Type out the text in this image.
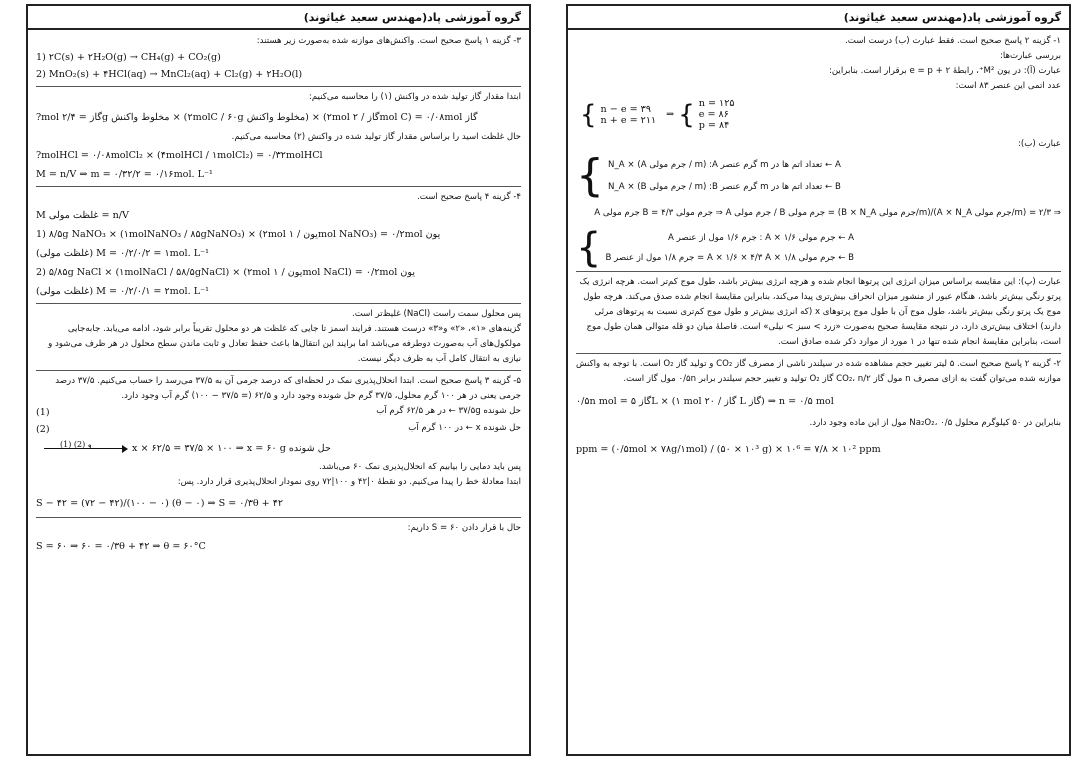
گروه آموزشی پاد(مهندس سعید غیاثوند)

۱- گزینه ۲ پاسخ صحیح است. فقط عبارت (ب) درست است.

بررسی عبارت‌ها:

عبارت (آ): در یون M²⁺، رابطهٔ e = p + ۲ برقرار است. بنابراین:

عدد اتمی این عنصر ۸۳ است:

{ n − e = ۳۹
n + e = ۲۱۱ ⇒ { n = ۱۲۵
e = ۸۶
p = ۸۴

عبارت (ب):

{ A ← تعداد اتم ها در m گرم عنصر A: (m / جرم مولی A) × N_A
B ← تعداد اتم ها در m گرم عنصر B: (m / جرم مولی B) × N_A

⇒ ۲/۳ = (m/جرم مولی A × N_A)/(m/جرم مولی B × N_A) = جرم مولی B / جرم مولی A ⇒ جرم مولی B = ۴/۳ جرم مولی A

{	A ← جرم مولی A × ۱/۶ : جرم ۱/۶ مول از عنصر A
B ← جرم مولی A × ۱/۶ × ۴/۳ A × ۱/۸ = جرم ۱/۸ مول از عنصر B

عبارت (پ): این مقایسه براساس میزان انرژی این پرتوها انجام شده و هرچه انرژی بیش‌تر باشد، طول موج کم‌تر است. هرچه انرژی یک پرتو رنگی بیش‌تر باشد، هنگام عبور از منشور میزان انحراف بیش‌تری پیدا می‌کند، بنابراین مقایسهٔ انجام شده صدق می‌کند. هرچه طول موج یک پرتو رنگی بیش‌تر باشد، طول موج آن با طول موج پرتوهای x (که انرژی بیش‌تر و طول موج کم‌تری نسبت به پرتوهای مرئی دارند) اختلاف بیش‌تری دارد، در نتیجه مقایسهٔ صحیح به‌صورت «زرد > سبز > نیلی» است. فاصلهٔ میان دو قله متوالی همان طول موج است، بنابراین مقایسهٔ انجام شده تنها در ۱ مورد از موارد ذکر شده صادق است.

۲- گزینه ۲ پاسخ صحیح است. ۵ لیتر تغییر حجم مشاهده شده در سیلندر ناشی از مصرف گاز CO₂ و تولید گاز O₂ است. با توجه به واکنش موازنه شده می‌توان گفت به ازای مصرف n مول گاز CO₂، n/۲ گاز O₂ تولید و تغییر حجم سیلندر برابر ۰/۵n مول گاز است.

۰/۵n mol = گاز ۵L × (۱ mol گاز / ۲۰ L گاز) ⇒ n = ۰/۵ mol

بنابراین در ۵۰ کیلوگرم محلول Na₂O₂، ۰/۵ مول از این ماده وجود دارد.

ppm = (۰/۵mol × ۷۸g/۱mol) / (۵۰ × ۱۰³ g) × ۱۰⁶ = ۷/۸ × ۱۰² ppm

گروه آموزشی پاد(مهندس سعید غیاثوند)

۳- گزینه ۱ پاسخ صحیح است. واکنش‌های موازنه شده به‌صورت زیر هستند:

1) ۲C(s) + ۲H₂O(g) → CH₄(g) + CO₂(g)

2) MnO₂(s) + ۴HCl(aq) → MnCl₂(aq) + Cl₂(g) + ۲H₂O(l)

ابتدا مقدار گاز تولید شده در واکنش (۱) را محاسبه می‌کنیم:

?mol گاز = ۲/۴g مخلوط واکنش × (۲molC / ۶۰g مخلوط واکنش) × (۲mol گاز / ۲mol C) = ۰/۰۸mol گاز

حال غلظت اسید را براساس مقدار گاز تولید شده در واکنش (۲) محاسبه می‌کنیم.

?molHCl = ۰/۰۸molCl₂ × (۴molHCl / ۱molCl₂) = ۰/۳۲molHCl

M = n/V ⇒ m = ۰/۳۲/۲ = ۰/۱۶mol. L⁻¹

۴- گزینه ۴ پاسخ صحیح است.

M غلظت مولی = n/V

1) ۸/۵g NaNO₃ × (۱molNaNO₃ / ۸۵gNaNO₃) × (۲mol یون / ۱mol NaNO₃) = ۰/۲mol یون

(غلظت مولی) M = ۰/۲/۰/۲ = ۱mol. L⁻¹

2) ۵/۸۵g NaCl × (۱molNaCl / ۵۸/۵gNaCl) × (۲mol یون / ۱mol NaCl) = ۰/۲mol یون

(غلظت مولی) M = ۰/۲/۰/۱ = ۲mol. L⁻¹

پس محلول سمت راست (NaCl) غلیظ‌تر است.

گزینه‌های «۱»، «۲» و«۳» درست هستند. فرایند اسمز تا جایی که غلظت هر دو محلول تقریباً برابر شود، ادامه می‌یابد. جابه‌جایی مولکول‌های آب به‌صورت دوطرفه می‌باشد اما برایند این انتقال‌ها باعث حفظ تعادل و ثابت ماندن سطح محلول در هر ظرف می‌شود و نیازی به انتقال کامل آب به ظرف دیگر نیست.

۵- گزینه ۳ پاسخ صحیح است. ابتدا انحلال‌پذیری نمک در لحظه‌ای که درصد جرمی آن به ۳۷/۵ می‌رسد را حساب می‌کنیم. ۳۷/۵ درصد جرمی یعنی در هر ۱۰۰ گرم محلول، ۳۷/۵ گرم حل شونده وجود دارد و ۶۲/۵ (= ۳۷/۵ − ۱۰۰) گرم آب وجود دارد.

حل شونده ۳۷/۵g ← در هر ۶۲/۵ گرم آب
(1)
حل شونده x ← در ۱۰۰ گرم آب
(2)
(1) و (2)	x × ۶۲/۵ = ۳۷/۵ × ۱۰۰ ⇒ x = ۶۰ g حل شونده

پس باید دمایی را بیابیم که انحلال‌پذیری نمک ۶۰ می‌باشد.

ابتدا معادلهٔ خط را پیدا می‌کنیم. دو نقطهٔ ۰|۴۲ و ۱۰۰|۷۲ روی نمودار انحلال‌پذیری قرار دارد. پس:

S − ۴۲ = (۷۲ − ۴۲)/(۱۰۰ − ۰) (θ − ۰) ⇒ S = ۰/۳θ + ۴۲

حال با قرار دادن S = ۶۰ داریم:

S = ۶۰ ⇒ ۶۰ = ۰/۳θ + ۴۲ ⇒ θ = ۶۰°C
